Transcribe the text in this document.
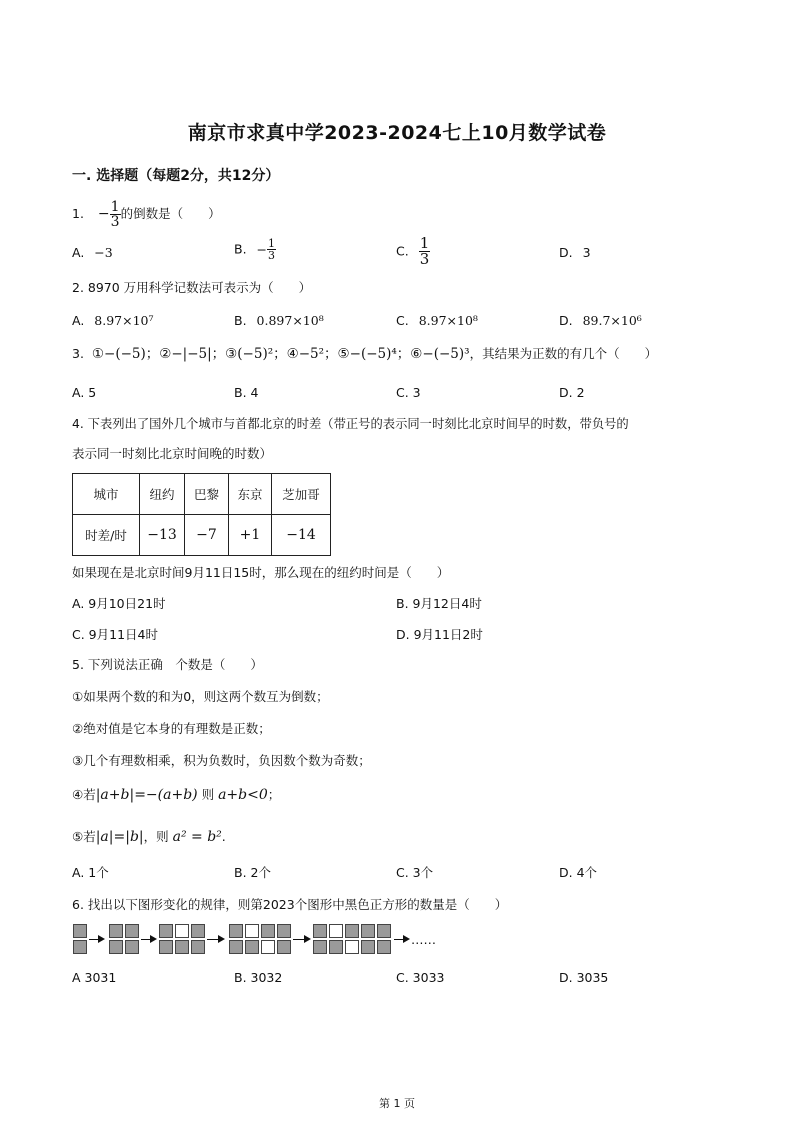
南京市求真中学2023-2024七上10月数学试卷
一. 选择题（每题2分，共12分）
1. − $\frac{1}{3}$ 的倒数是（　　）
A. −3	B. − $\frac{1}{3}$	C. $\frac{1}{3}$	D. 3
2. 8970 万用科学记数法可表示为（　　）
A. 8.97×10⁷	B. 0.897×10⁸	C. 8.97×10⁸	D. 89.7×10⁶
3. ①−(−5)；②−|−5|；③(−5)²；④−5²；⑤−(−5)⁴；⑥−(−5)³，其结果为正数的有几个（　　）
A. 5	B. 4	C. 3	D. 2
4. 下表列出了国外几个城市与首都北京的时差（带正号的表示同一时刻比北京时间早的时数，带负号的
表示同一时刻比北京时间晚的时数）
城市	纽约	巴黎	东京	芝加哥
时差/时	−13	−7	+1	−14
如果现在是北京时间9月11日15时，那么现在的纽约时间是（　　）
A. 9月10日21时	B. 9月12日4时
C. 9月11日4时	D. 9月11日2时
5. 下列说法正确　个数是（　　）
①如果两个数的和为0，则这两个数互为倒数；
②绝对值是它本身的有理数是正数；
③几个有理数相乘，积为负数时，负因数个数为奇数；
④若|a+b|=−(a+b) 则 a+b<0；
⑤若|a|=|b|，则 a² = b².
A. 1个	B. 2个	C. 3个	D. 4个
6. 找出以下图形变化的规律，则第2023个图形中黑色正方形的数量是（　　）
……
A 3031	B. 3032	C. 3033	D. 3035
第 1 页
